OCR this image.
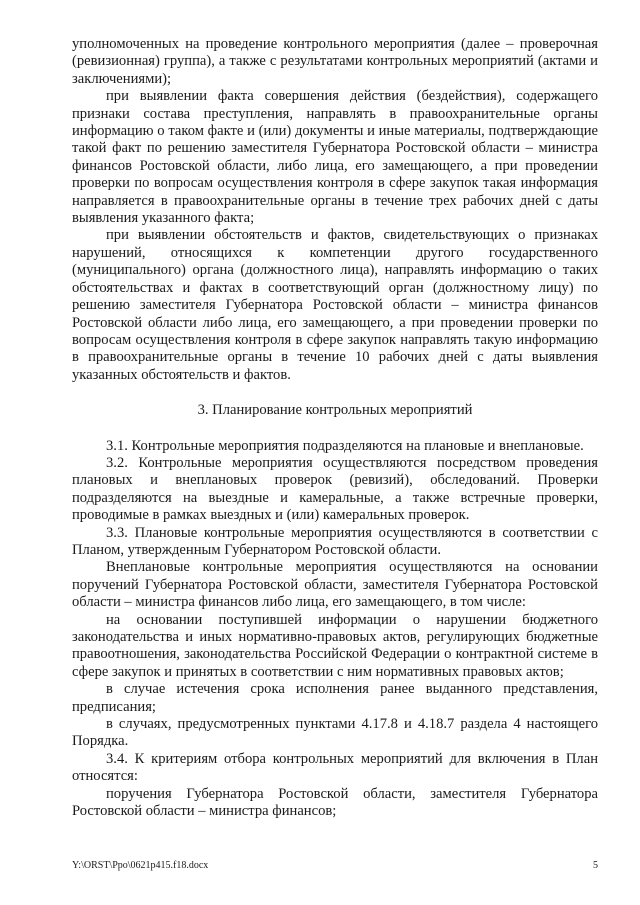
уполномоченных на проведение контрольного мероприятия (далее – проверочная (ревизионная) группа), а также с результатами контрольных мероприятий (актами и заключениями);

при выявлении факта совершения действия (бездействия), содержащего признаки состава преступления, направлять в правоохранительные органы информацию о таком факте и (или) документы и иные материалы, подтверждающие такой факт по решению заместителя Губернатора Ростовской области – министра финансов Ростовской области, либо лица, его замещающего, а при проведении проверки по вопросам осуществления контроля в сфере закупок такая информация направляется в правоохранительные органы в течение трех рабочих дней с даты выявления указанного факта;

при выявлении обстоятельств и фактов, свидетельствующих о признаках нарушений, относящихся к компетенции другого государственного (муниципального) органа (должностного лица), направлять информацию о таких обстоятельствах и фактах в соответствующий орган (должностному лицу) по решению заместителя Губернатора Ростовской области – министра финансов Ростовской области либо лица, его замещающего, а при проведении проверки по вопросам осуществления контроля в сфере закупок направлять такую информацию в правоохранительные органы в течение 10 рабочих дней с даты выявления указанных обстоятельств и фактов.

3. Планирование контрольных мероприятий

3.1. Контрольные мероприятия подразделяются на плановые и внеплановые.

3.2. Контрольные мероприятия осуществляются посредством проведения плановых и внеплановых проверок (ревизий), обследований. Проверки подразделяются на выездные и камеральные, а также встречные проверки, проводимые в рамках выездных и (или) камеральных проверок.

3.3. Плановые контрольные мероприятия осуществляются в соответствии с Планом, утвержденным Губернатором Ростовской области.

Внеплановые контрольные мероприятия осуществляются на основании поручений Губернатора Ростовской области, заместителя Губернатора Ростовской области – министра финансов либо лица, его замещающего, в том числе:

на основании поступившей информации о нарушении бюджетного законодательства и иных нормативно-правовых актов, регулирующих бюджетные правоотношения, законодательства Российской Федерации о контрактной системе в сфере закупок и принятых в соответствии с ним нормативных правовых актов;

в случае истечения срока исполнения ранее выданного представления, предписания;

в случаях, предусмотренных пунктами 4.17.8 и 4.18.7 раздела 4 настоящего Порядка.

3.4. К критериям отбора контрольных мероприятий для включения в План относятся:

поручения Губернатора Ростовской области, заместителя Губернатора Ростовской области – министра финансов;

Y:\ORST\Ppo\0621p415.f18.docx	5
